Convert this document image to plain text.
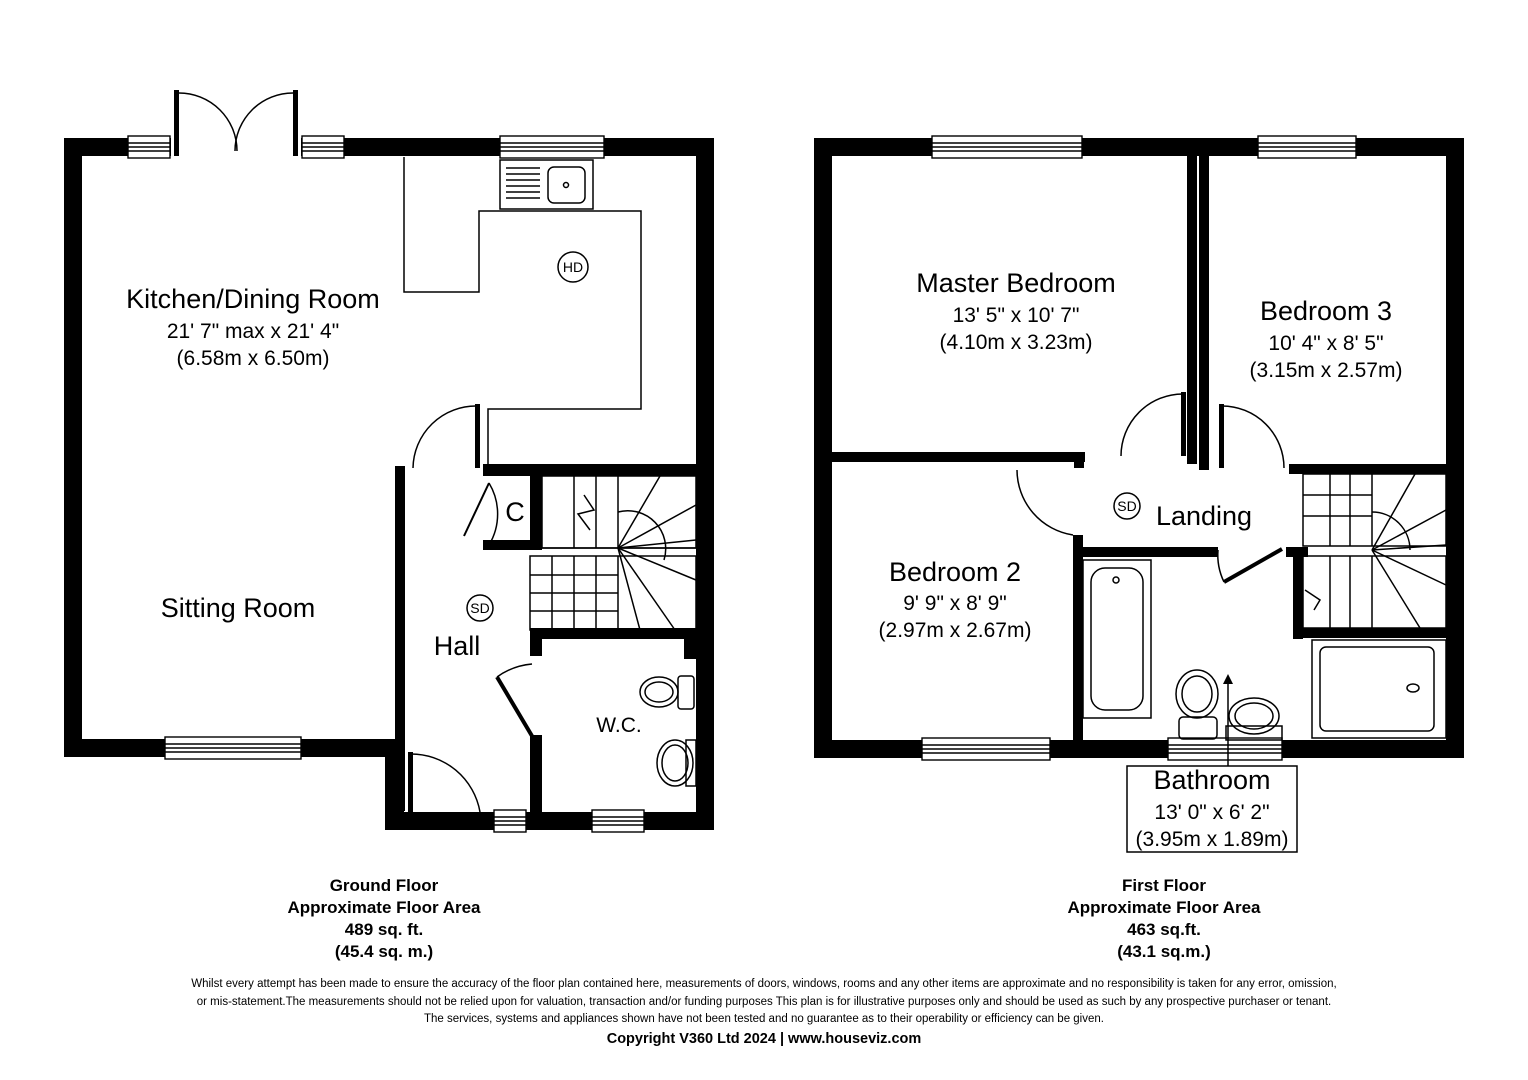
HD
SD
Kitchen/Dining Room
21' 7" max x 21' 4"
(6.58m x 6.50m)
Sitting Room
Hall
C
W.C.
SD
Master Bedroom
13' 5" x 10' 7"
(4.10m x 3.23m)
Bedroom 3
10' 4" x 8' 5"
(3.15m x 2.57m)
Bedroom 2
9' 9" x 8' 9"
(2.97m x 2.67m)
Landing
Bathroom
13' 0" x 6' 2"
(3.95m x 1.89m)
Ground Floor
Approximate Floor Area
489 sq. ft.
(45.4 sq. m.)
First Floor
Approximate Floor Area
463 sq.ft.
(43.1 sq.m.)
Whilst every attempt has been made to ensure the accuracy of the floor plan contained here, measurements of doors, windows, rooms and any other items are approximate and no responsibility is taken for any error, omission,
or mis-statement.The measurements should not be relied upon for valuation, transaction and/or funding purposes This plan is for illustrative purposes only and should be used as such by any prospective purchaser or tenant.
The services, systems and appliances shown have not been tested and no guarantee as to their operability or efficiency can be given.
Copyright V360 Ltd 2024 | www.houseviz.com
